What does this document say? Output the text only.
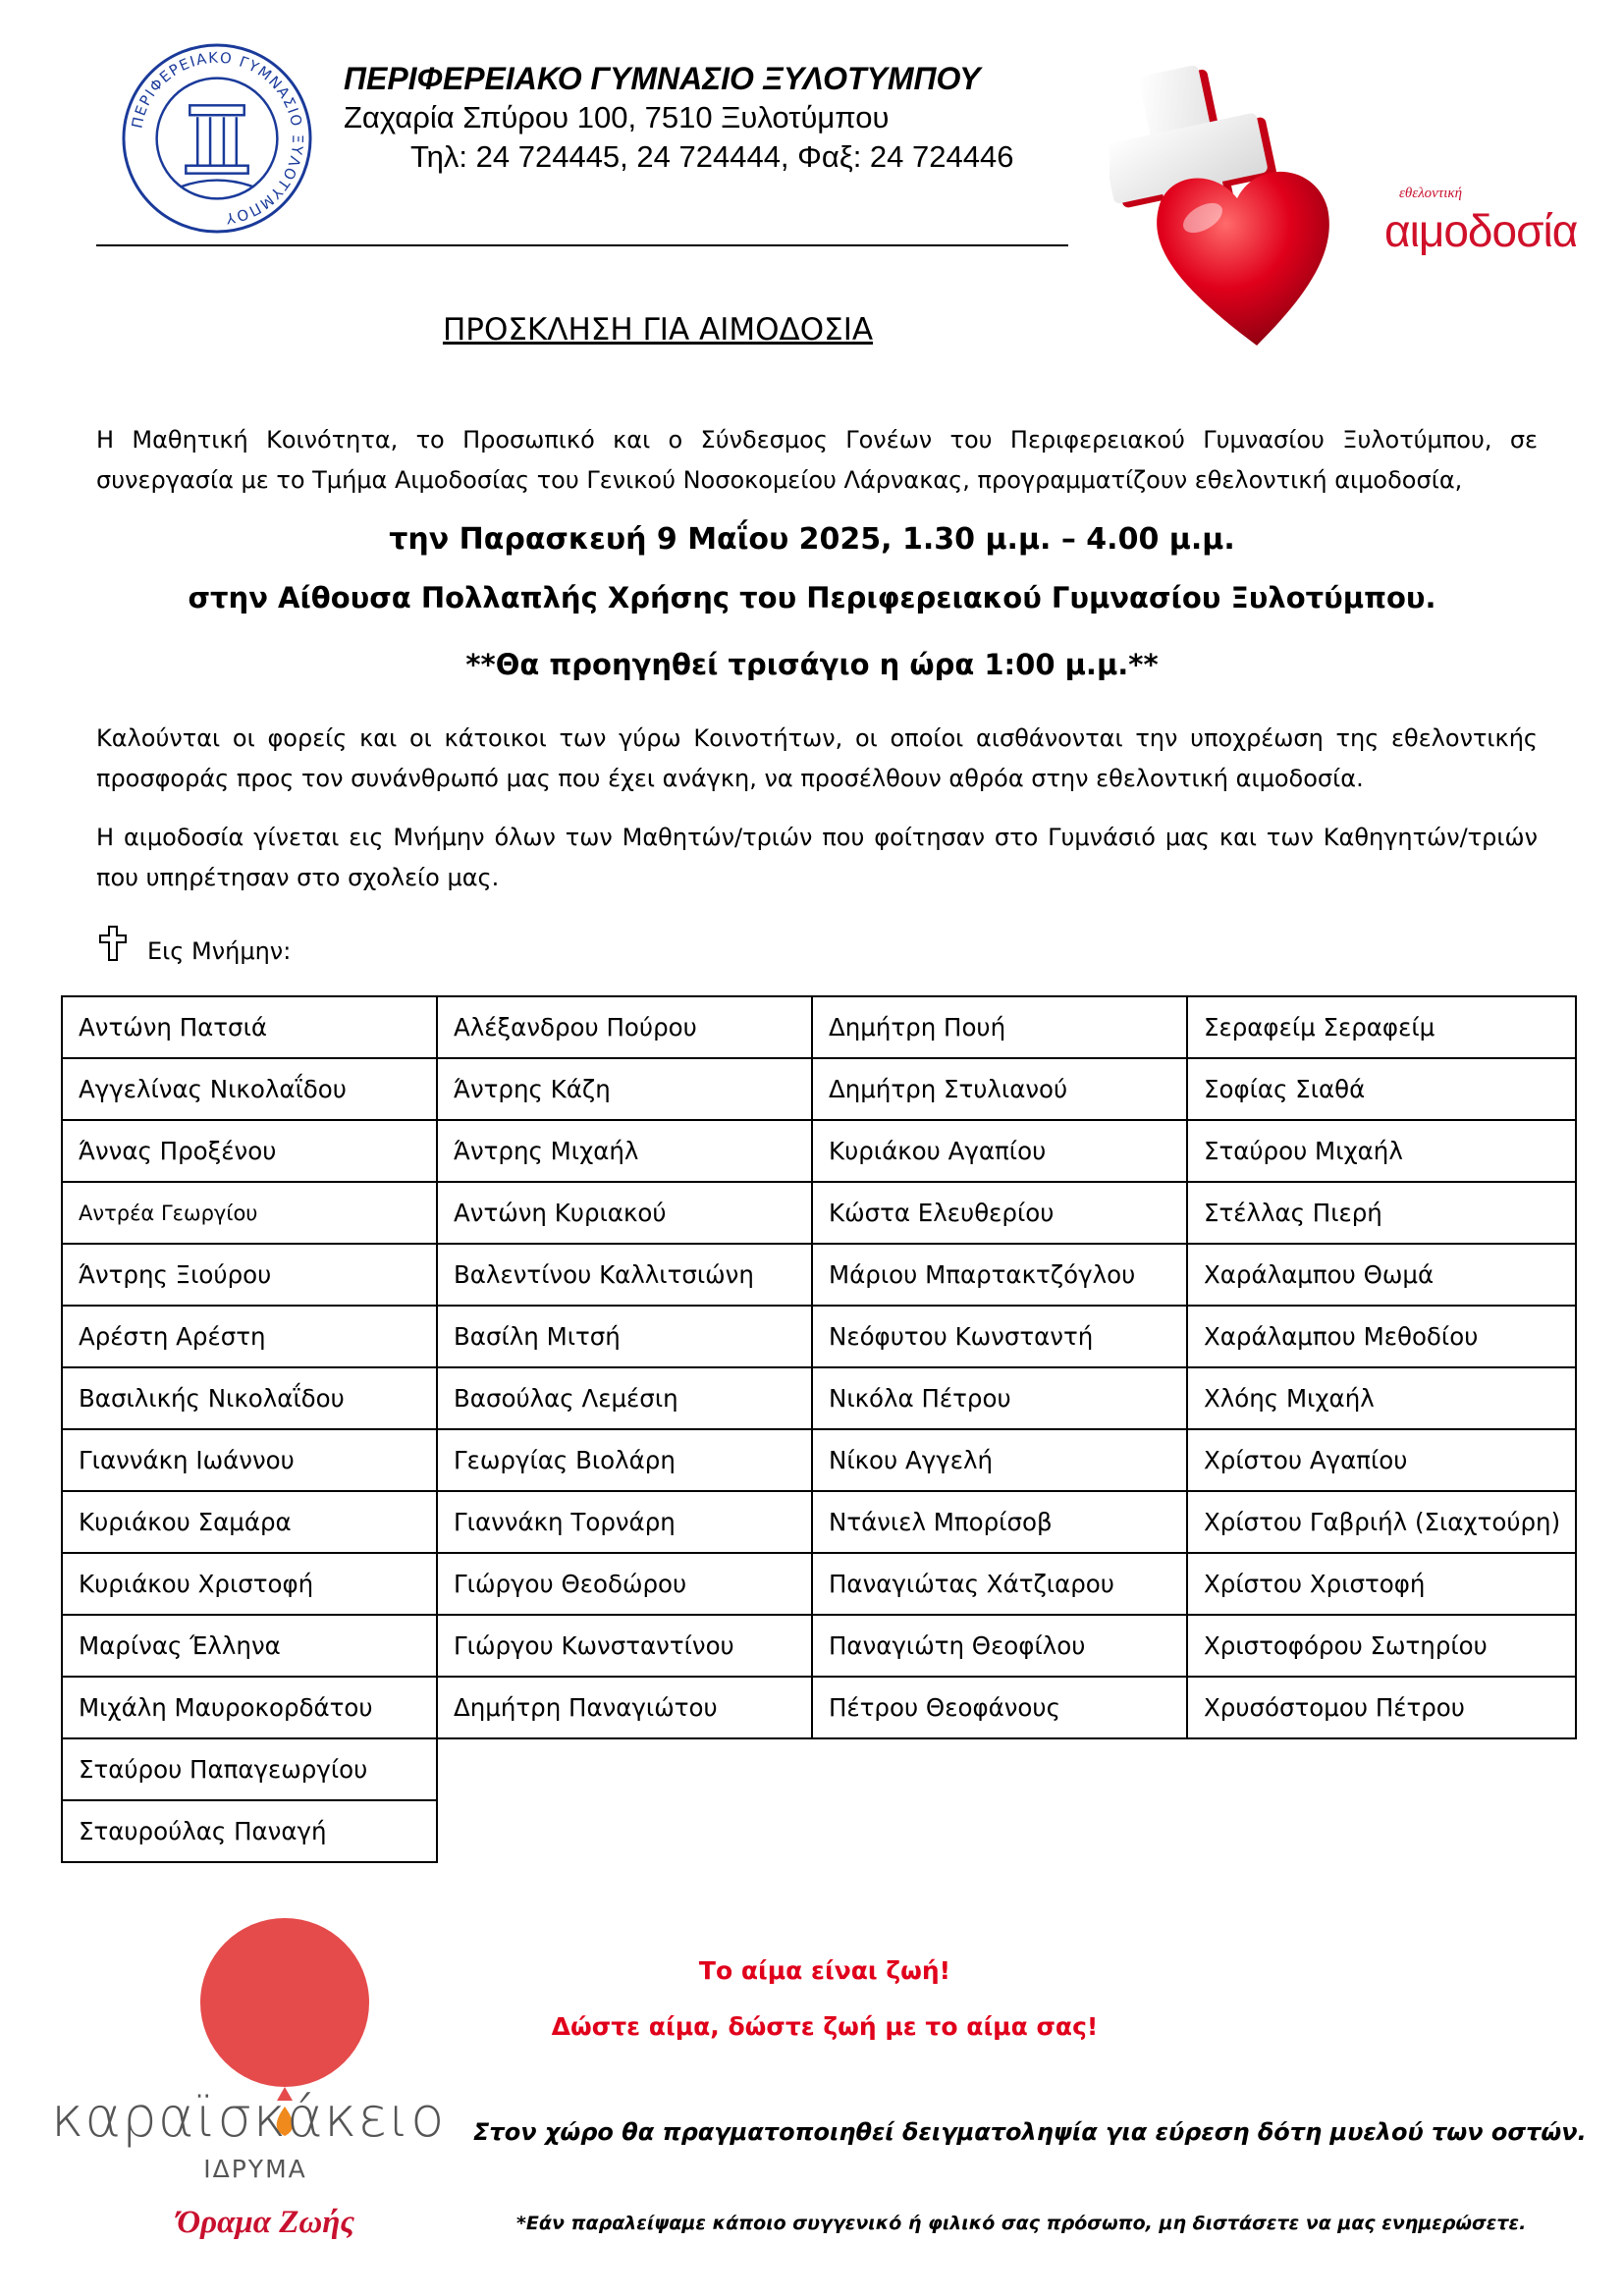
ΠΕΡΙΦΕΡΕΙΑΚΟ ΓΥΜΝΑΣΙΟ ΞΥΛΟΤΥΜΠΟΥ
ΠΕΡΙΦΕΡΕΙΑΚΟ ΓΥΜΝΑΣΙΟ ΞΥΛΟΤΥΜΠΟΥ
Ζαχαρία Σπύρου 100, 7510 Ξυλοτύμπου
Τηλ: 24 724445, 24 724444, Φαξ: 24 724446
εθελοντική
αιμοδοσία
ΠΡΟΣΚΛΗΣΗ ΓΙΑ ΑΙΜΟΔΟΣΙΑ
Η Μαθητική Κοινότητα, το Προσωπικό και ο Σύνδεσμος Γονέων του Περιφερειακού Γυμνασίου Ξυλοτύμπου, σε συνεργασία με το Τμήμα Αιμοδοσίας του Γενικού Νοσοκομείου Λάρνακας, προγραμματίζουν εθελοντική αιμοδοσία,
την Παρασκευή 9 Μαΐου 2025, 1.30 μ.μ. – 4.00 μ.μ.
στην Αίθουσα Πολλαπλής Χρήσης του Περιφερειακού Γυμνασίου Ξυλοτύμπου.
**Θα προηγηθεί τρισάγιο η ώρα 1:00 μ.μ.**
Καλούνται οι φορείς και οι κάτοικοι των γύρω Κοινοτήτων, οι οποίοι αισθάνονται την υποχρέωση της εθελοντικής προσφοράς προς τον συνάνθρωπό μας που έχει ανάγκη, να προσέλθουν αθρόα στην εθελοντική αιμοδοσία.
Η αιμοδοσία γίνεται εις Μνήμην όλων των Μαθητών/τριών που φοίτησαν στο Γυμνάσιό μας και των Καθηγητών/τριών που υπηρέτησαν στο σχολείο μας.
Εις Μνήμην:
Αντώνη Πατσιά	Αλέξανδρου Πούρου	Δημήτρη Πουή	Σεραφείμ Σεραφείμ
Αγγελίνας Νικολαΐδου	Άντρης Κάζη	Δημήτρη Στυλιανού	Σοφίας Σιαθά
Άννας Προξένου	Άντρης Μιχαήλ	Κυριάκου Αγαπίου	Σταύρου Μιχαήλ
Αντρέα Γεωργίου	Αντώνη Κυριακού	Κώστα Ελευθερίου	Στέλλας Πιερή
Άντρης Ξιούρου	Βαλεντίνου Καλλιτσιώνη	Μάριου Μπαρτακτζόγλου	Χαράλαμπου Θωμά
Αρέστη Αρέστη	Βασίλη Μιτσή	Νεόφυτου Κωνσταντή	Χαράλαμπου Μεθοδίου
Βασιλικής Νικολαΐδου	Βασούλας Λεμέσιη	Νικόλα Πέτρου	Χλόης Μιχαήλ
Γιαννάκη Ιωάννου	Γεωργίας Βιολάρη	Νίκου Αγγελή	Χρίστου Αγαπίου
Κυριάκου Σαμάρα	Γιαννάκη Τορνάρη	Ντάνιελ Μπορίσοβ	Χρίστου Γαβριήλ (Σιαχτούρη)
Κυριάκου Χριστοφή	Γιώργου Θεοδώρου	Παναγιώτας Χάτζιαρου	Χρίστου Χριστοφή
Μαρίνας Έλληνα	Γιώργου Κωνσταντίνου	Παναγιώτη Θεοφίλου	Χριστοφόρου Σωτηρίου
Μιχάλη Μαυροκορδάτου	Δημήτρη Παναγιώτου	Πέτρου Θεοφάνους	Χρυσόστομου Πέτρου
Σταύρου Παπαγεωργίου			
Σταυρούλας Παναγή			
καραϊσκάκειο
ΙΔΡΥΜΑ
Όραμα Ζωής
Το αίμα είναι ζωή!
Δώστε αίμα, δώστε ζωή με το αίμα σας!
Στον χώρο θα πραγματοποιηθεί δειγματοληψία για εύρεση δότη μυελού των οστών.
*Εάν παραλείψαμε κάποιο συγγενικό ή φιλικό σας πρόσωπο, μη διστάσετε να μας ενημερώσετε.
